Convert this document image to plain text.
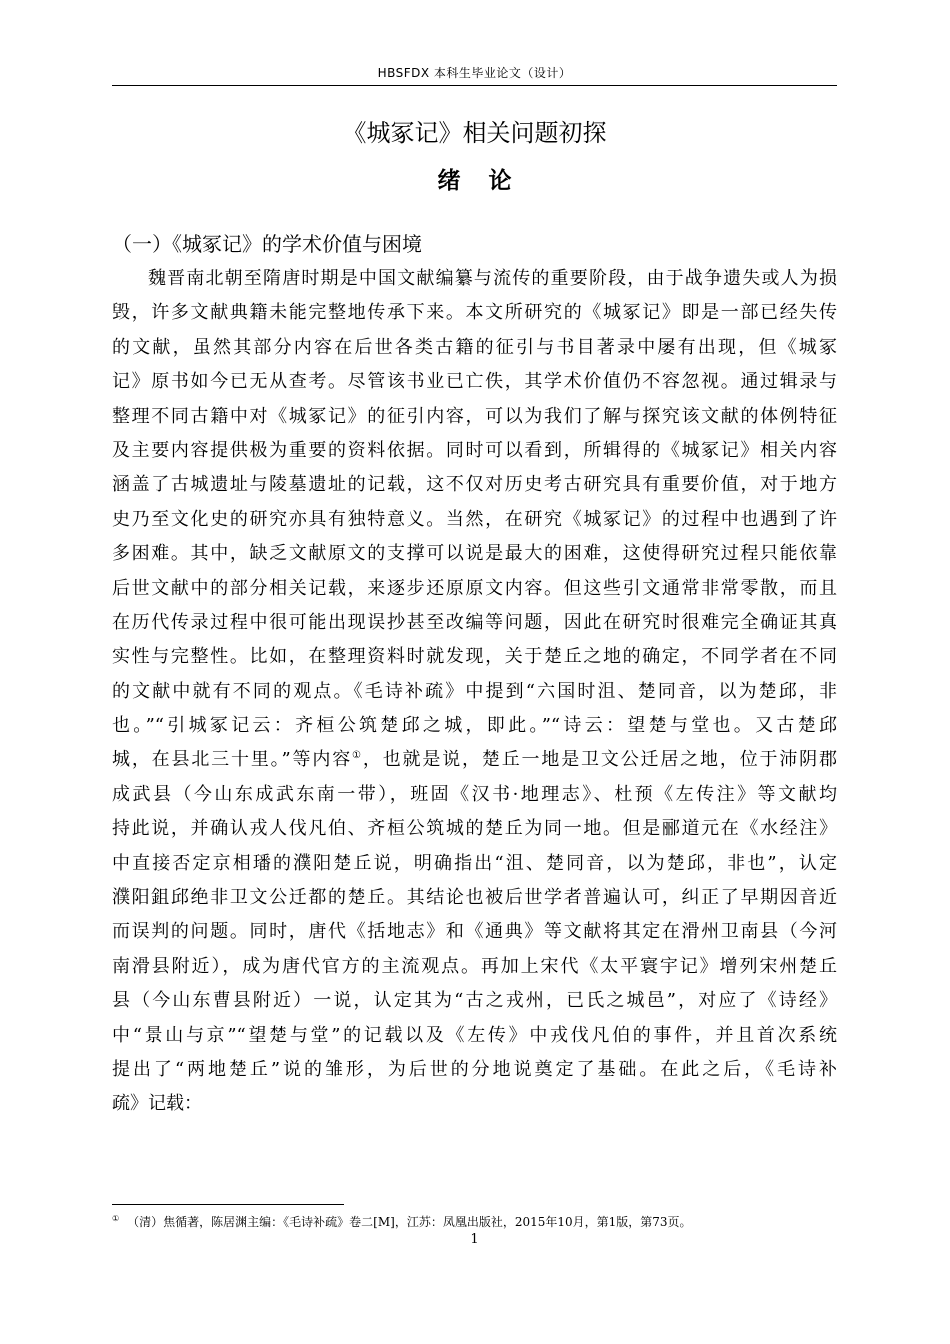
HBSFDX 本科生毕业论文（设计）
《城冢记》相关问题初探
绪论
（一）《城冢记》的学术价值与困境
魏晋南北朝至隋唐时期是中国文献编纂与流传的重要阶段，由于战争遗失或人为损
毁，许多文献典籍未能完整地传承下来。本文所研究的《城冢记》即是一部已经失传
的文献，虽然其部分内容在后世各类古籍的征引与书目著录中屡有出现，但《城冢
记》原书如今已无从查考。尽管该书业已亡佚，其学术价值仍不容忽视。通过辑录与
整理不同古籍中对《城冢记》的征引内容，可以为我们了解与探究该文献的体例特征
及主要内容提供极为重要的资料依据。同时可以看到，所辑得的《城冢记》相关内容
涵盖了古城遗址与陵墓遗址的记载，这不仅对历史考古研究具有重要价值，对于地方
史乃至文化史的研究亦具有独特意义。当然，在研究《城冢记》的过程中也遇到了许
多困难。其中，缺乏文献原文的支撑可以说是最大的困难，这使得研究过程只能依靠
后世文献中的部分相关记载，来逐步还原原文内容。但这些引文通常非常零散，而且
在历代传录过程中很可能出现误抄甚至改编等问题，因此在研究时很难完全确证其真
实性与完整性。比如，在整理资料时就发现，关于楚丘之地的确定，不同学者在不同
的文献中就有不同的观点。《毛诗补疏》中提到“六国时沮、楚同音，以为楚邱，非
也。”“引城冢记云：齐桓公筑楚邱之城，即此。”“诗云：望楚与堂也。又古楚邱
城，在县北三十里。”等内容①，也就是说，楚丘一地是卫文公迁居之地，位于沛阴郡
成武县（今山东成武东南一带），班固《汉书·地理志》、杜预《左传注》等文献均
持此说，并确认戎人伐凡伯、齐桓公筑城的楚丘为同一地。但是郦道元在《水经注》
中直接否定京相璠的濮阳楚丘说，明确指出“沮、楚同音，以为楚邱，非也”，认定
濮阳鉏邱绝非卫文公迁都的楚丘。其结论也被后世学者普遍认可，纠正了早期因音近
而误判的问题。同时，唐代《括地志》和《通典》等文献将其定在滑州卫南县（今河
南滑县附近），成为唐代官方的主流观点。再加上宋代《太平寰宇记》增列宋州楚丘
县（今山东曹县附近）一说，认定其为“古之戎州，已氏之城邑”，对应了《诗经》
中“景山与京”“望楚与堂”的记载以及《左传》中戎伐凡伯的事件，并且首次系统
提出了“两地楚丘”说的雏形，为后世的分地说奠定了基础。在此之后，《毛诗补
疏》记载：
① （清）焦循著，陈居渊主编：《毛诗补疏》卷二[M]，江苏：凤凰出版社，2015年10月，第1版，第73页。
1
